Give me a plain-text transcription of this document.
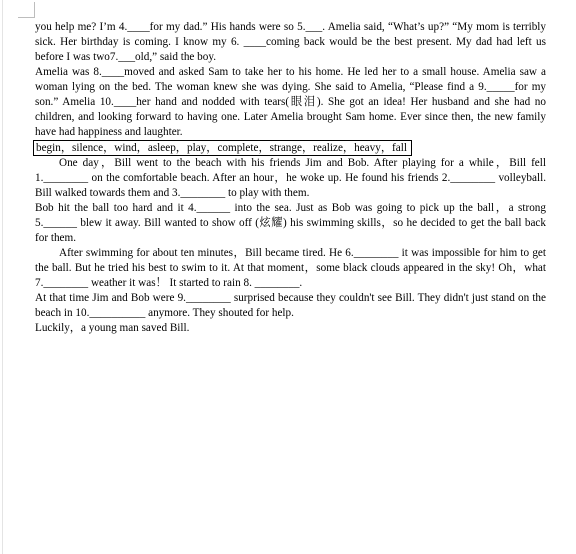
you help me? I’m 4.____for my dad.” His hands were so 5.___. Amelia said, “What’s up?” “My mom is terribly sick. Her birthday is coming. I know my 6. ____coming back would be the best present. My dad had left us before I was two7.___old,” said the boy.

Amelia was 8.____moved and asked Sam to take her to his home. He led her to a small house. Amelia saw a woman lying on the bed. The woman knew she was dying. She said to Amelia, “Please find a 9._____for my son.” Amelia 10.____her hand and nodded with tears(眼泪). She got an idea! Her husband and she had no children, and looking forward to having one. Later Amelia brought Sam home. Ever since then, the new family have had happiness and laughter.

begin，silence，wind，asleep，play，complete，strange，realize，heavy，fall

One day，Bill went to the beach with his friends Jim and Bob. After playing for a while，Bill fell 1.________ on the comfortable beach. After an hour，he woke up. He found his friends 2.________ volleyball. Bill walked towards them and 3.________ to play with them.

Bob hit the ball too hard and it 4.______ into the sea. Just as Bob was going to pick up the ball，a strong 5.______ blew it away. Bill wanted to show off (炫耀) his swimming skills，so he decided to get the ball back for them.

After swimming for about ten minutes，Bill became tired. He 6.________ it was impossible for him to get the ball. But he tried his best to swim to it. At that moment，some black clouds appeared in the sky! Oh，what 7.________ weather it was！ It started to rain 8. ________.

At that time Jim and Bob were 9.________ surprised because they couldn't see Bill. They didn't just stand on the beach in 10.__________ anymore. They shouted for help.

Luckily，a young man saved Bill.
